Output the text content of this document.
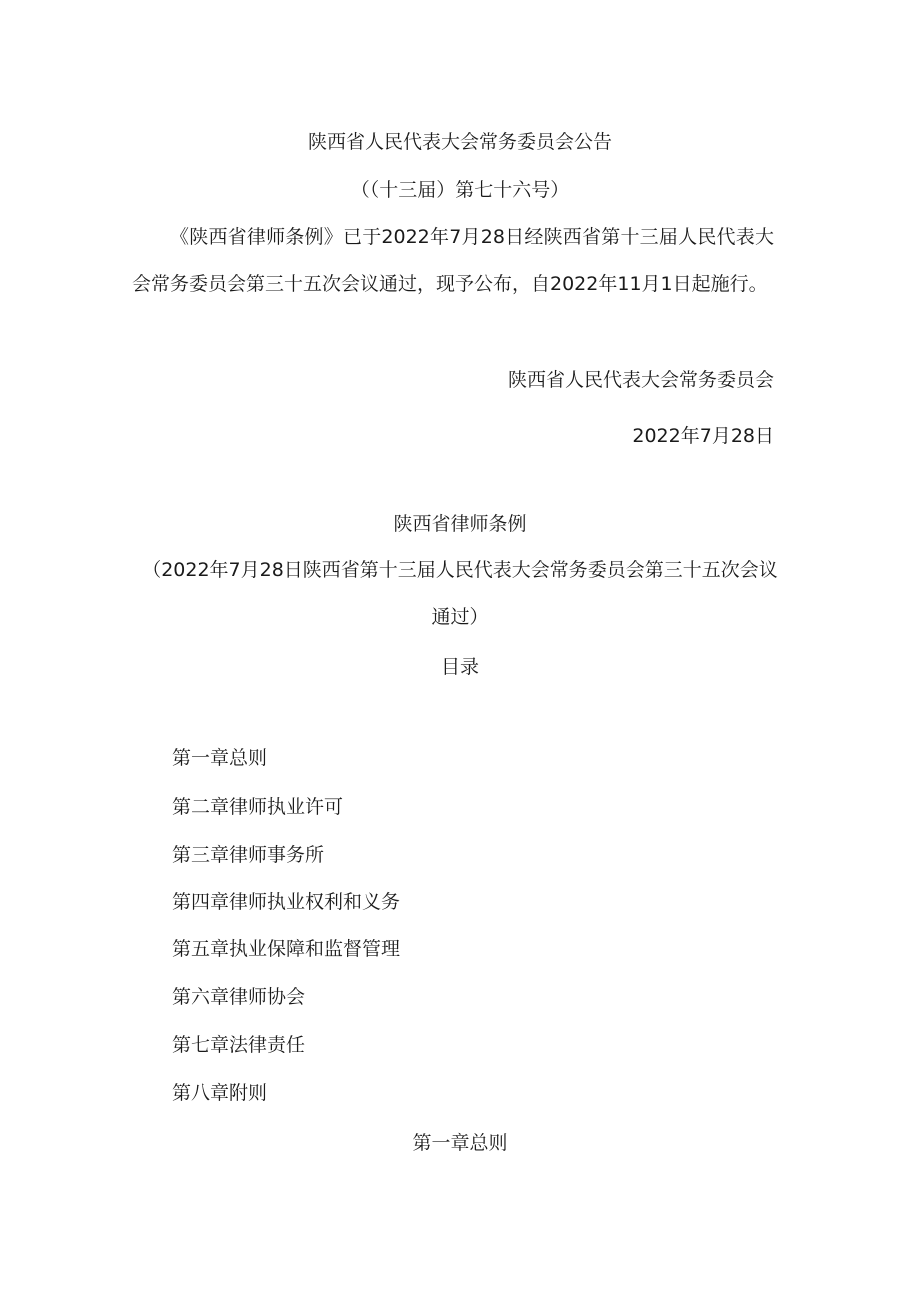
陕西省人民代表大会常务委员会公告
（（十三届）第七十六号）
《陕西省律师条例》已于2022年7月28日经陕西省第十三届人民代表大会常务委员会第三十五次会议通过，现予公布，自2022年11月1日起施行。
陕西省人民代表大会常务委员会
2022年7月28日
陕西省律师条例
（2022年7月28日陕西省第十三届人民代表大会常务委员会第三十五次会议通过）
目录
第一章总则
第二章律师执业许可
第三章律师事务所
第四章律师执业权利和义务
第五章执业保障和监督管理
第六章律师协会
第七章法律责任
第八章附则
第一章总则
